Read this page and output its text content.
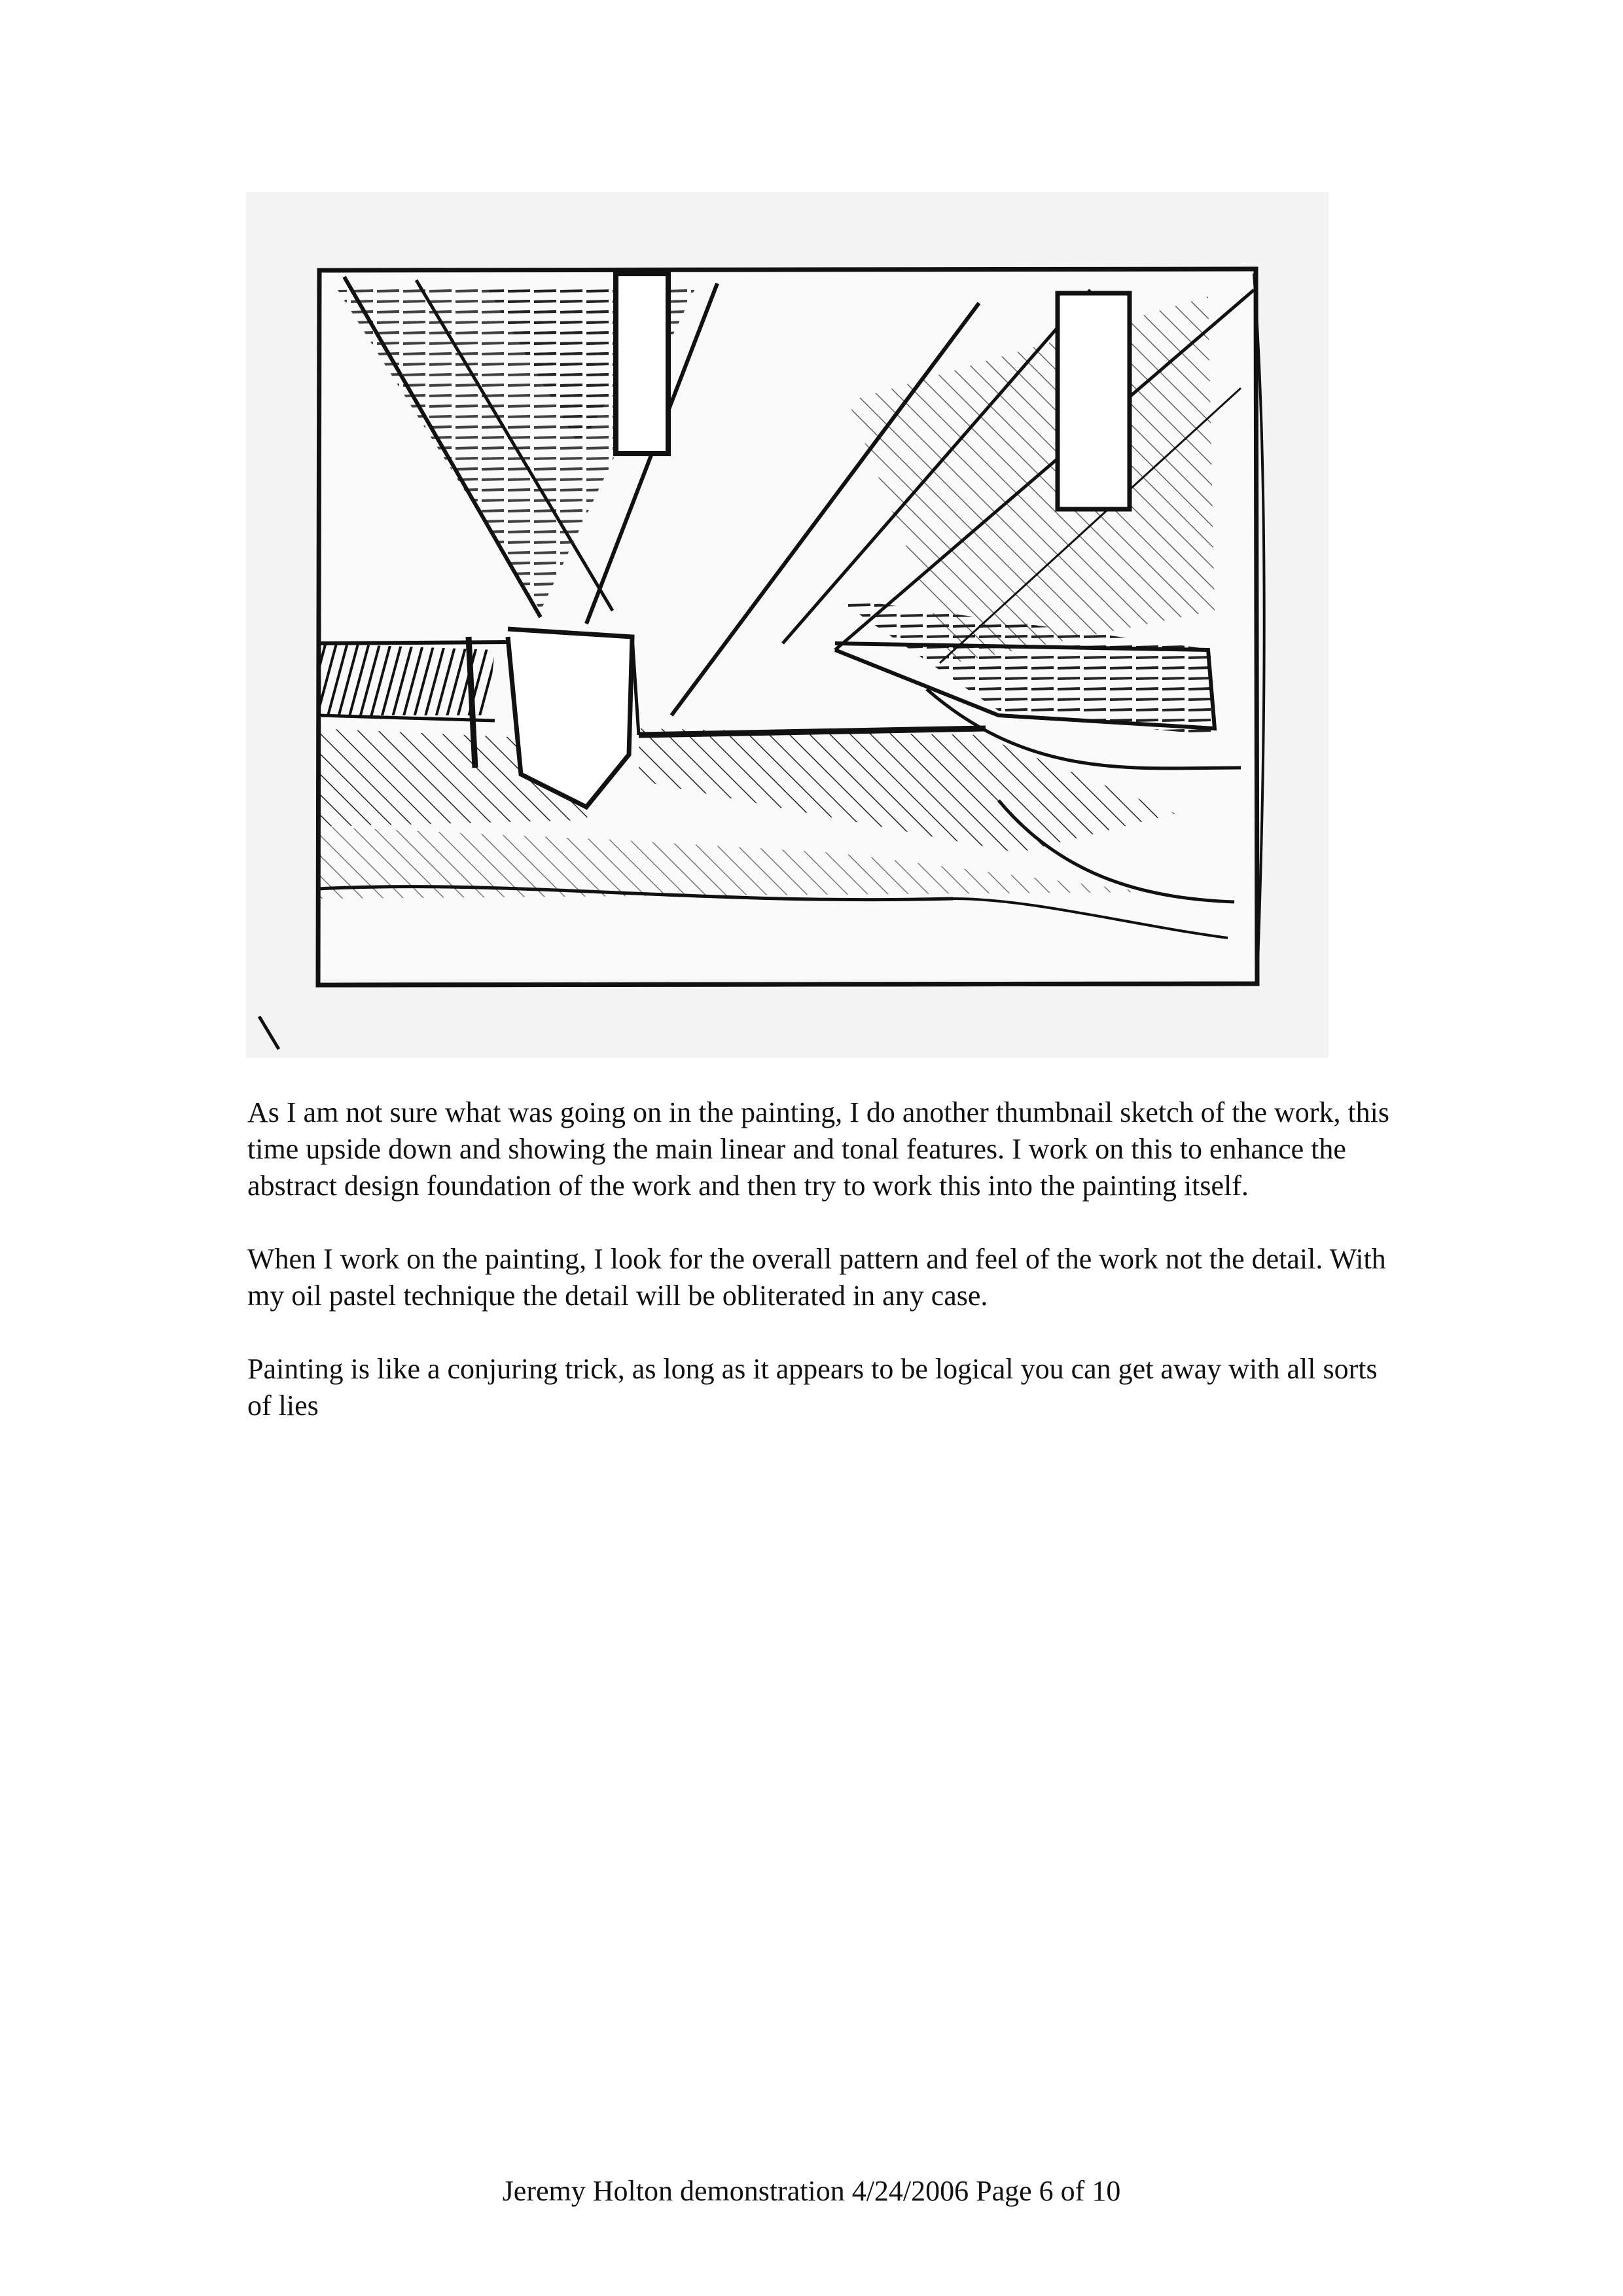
As I am not sure what was going on in the painting, I do another thumbnail sketch of the work, this time upside down and showing the main linear and tonal features. I work on this to enhance the abstract design foundation of the work and then try to work this into the painting itself.

When I work on the painting, I look for the overall pattern and feel of the work not the detail. With my oil pastel technique the detail will be obliterated in any case.

Painting is like a conjuring trick, as long as it appears to be logical you can get away with all sorts of lies

Jeremy Holton demonstration 4/24/2006 Page 6 of 10
